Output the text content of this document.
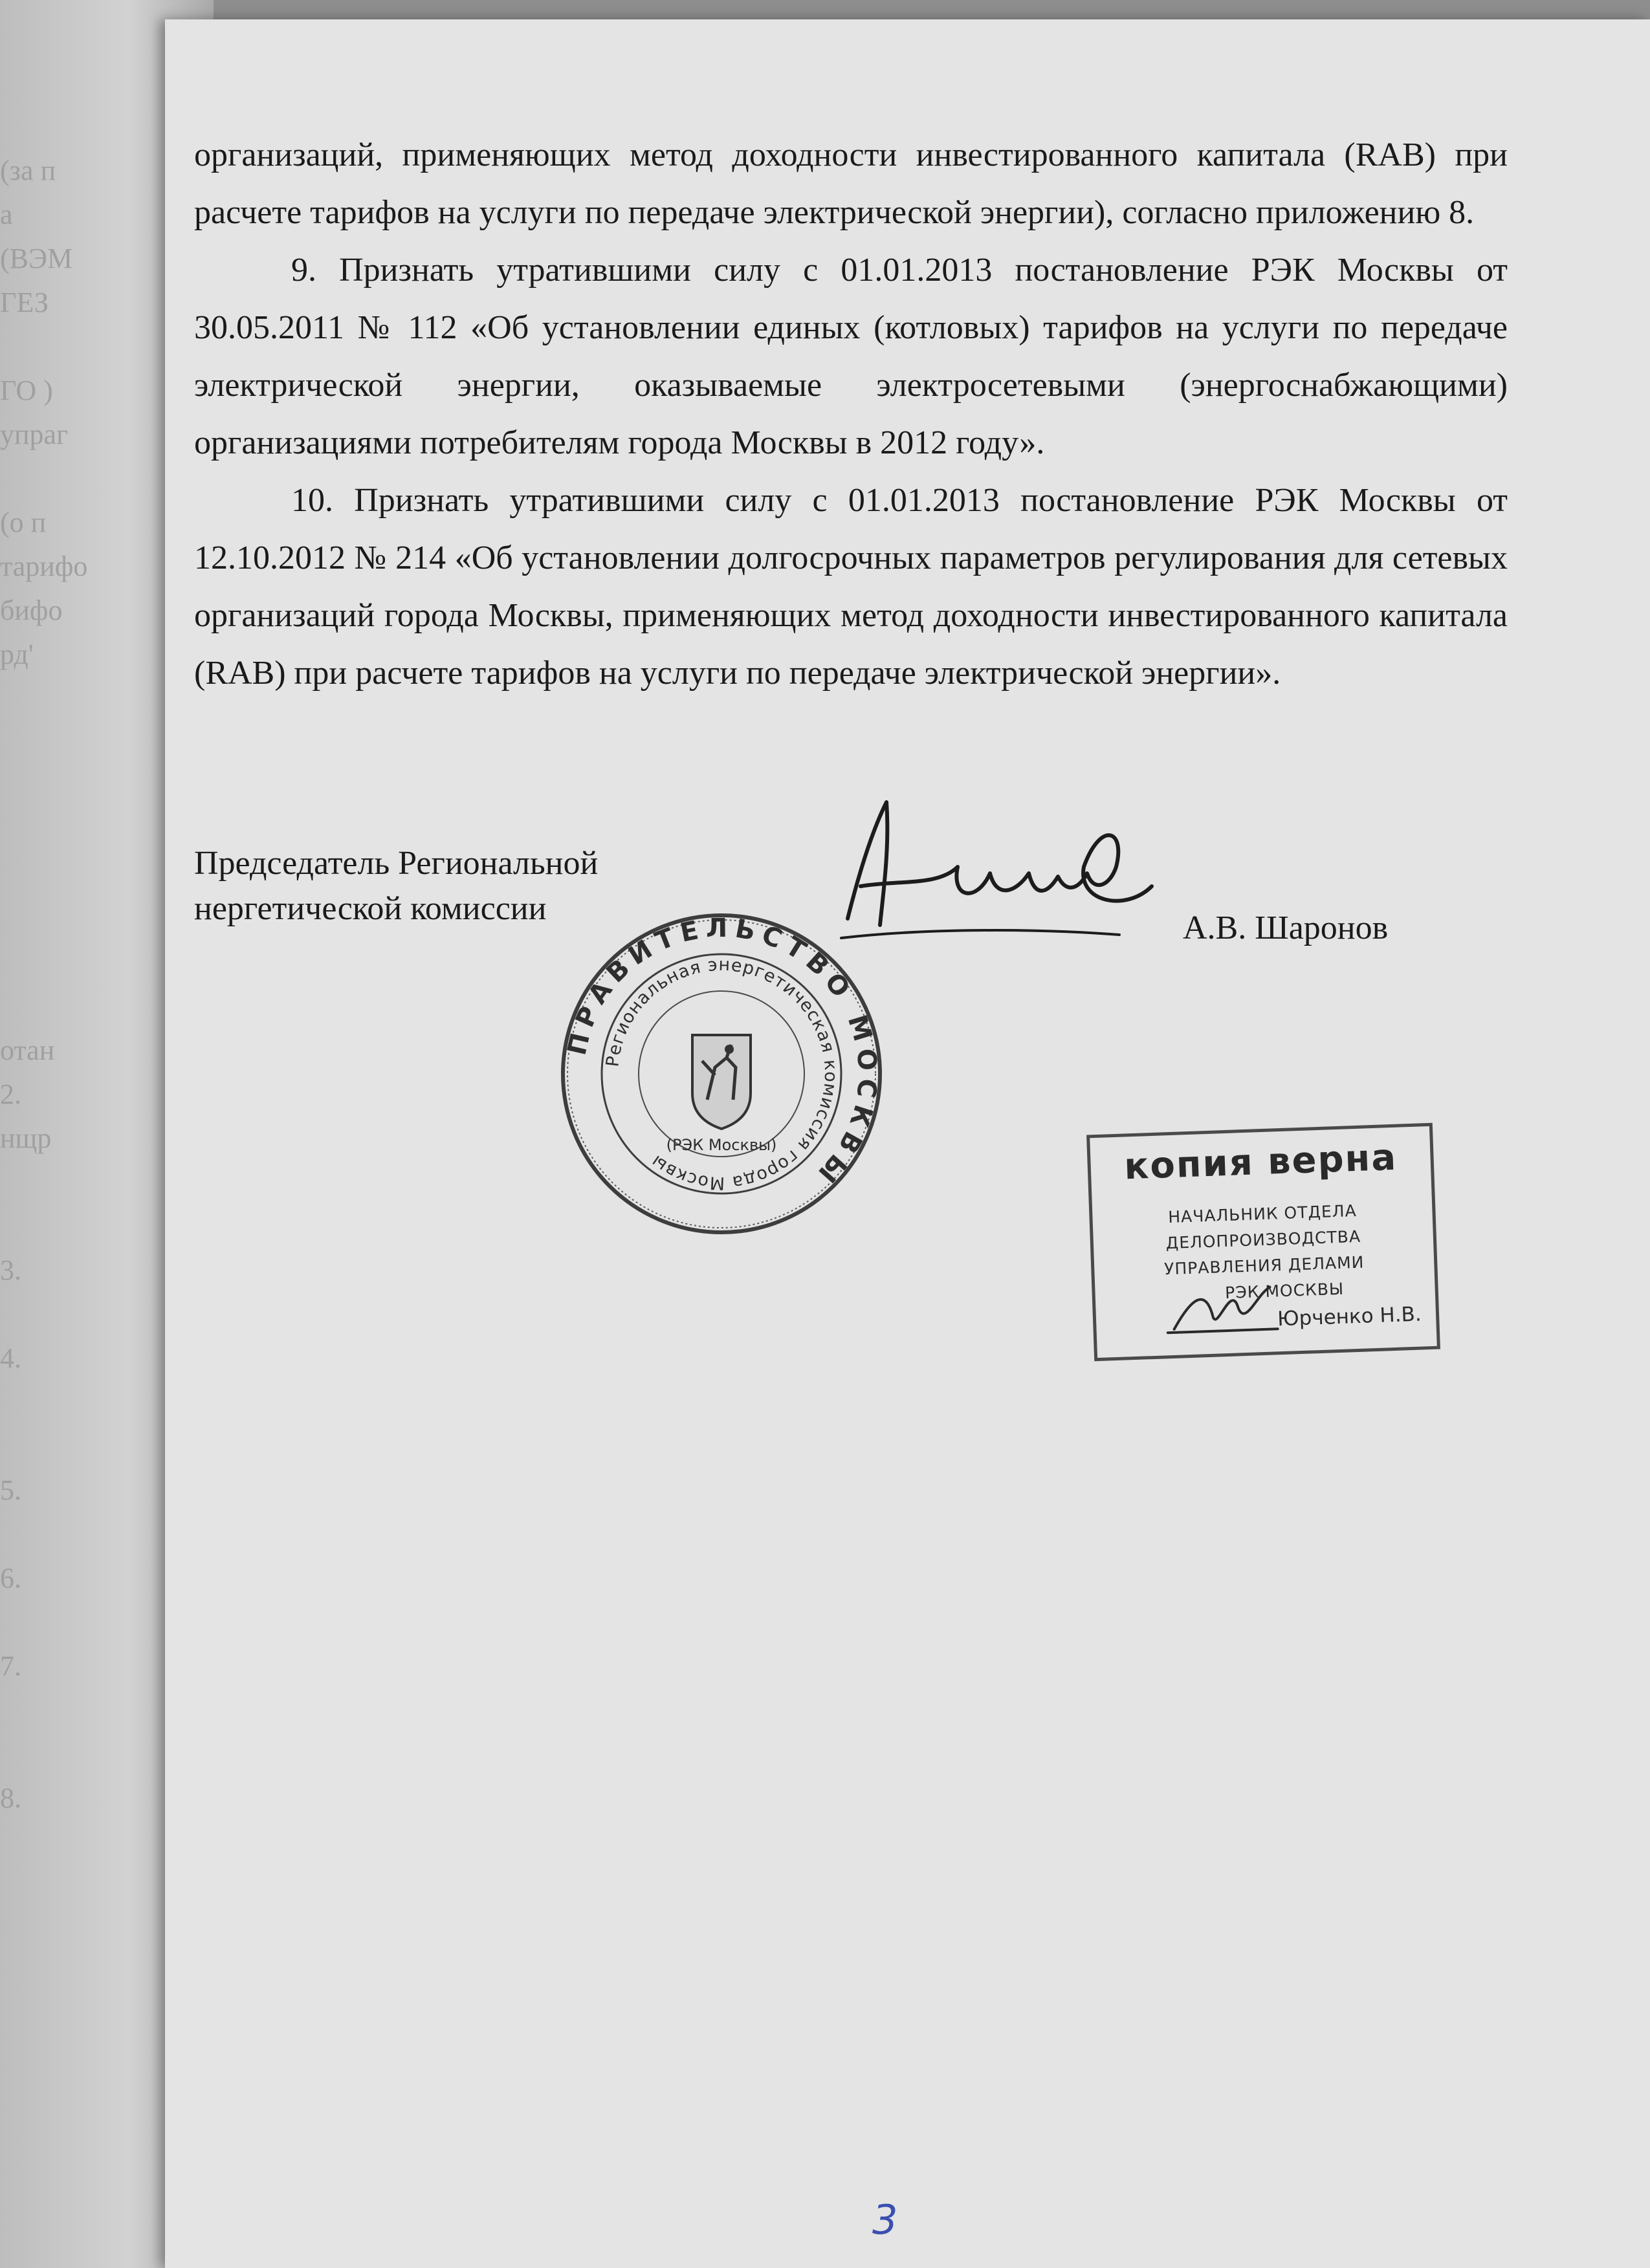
(за п
а
(ВЭМ
ГЕЗ

ГО )
упраг

(о п
тарифо
бифо
рд'

отан
2.
нщр

3.

4.

5.

6.

7.

8.

организаций, применяющих метод доходности инвестированного капитала (RAB) при расчете тарифов на услуги по передаче электрической энергии), согласно приложению 8.

9. Признать утратившими силу с 01.01.2013 постановление РЭК Москвы от 30.05.2011 № 112 «Об установлении единых (котловых) тарифов на услуги по передаче электрической энергии, оказываемые электросетевыми (энергоснабжающими) организациями потребителям города Москвы в 2012 году».

10. Признать утратившими силу с 01.01.2013 постановление РЭК Москвы от 12.10.2012 № 214 «Об установлении долгосрочных параметров регулирования для сетевых организаций города Москвы, применяющих метод доходности инвестированного капитала (RAB) при расчете тарифов на услуги по передаче электрической энергии».

Председатель Региональной
нергетической комиссии
А.В. Шаронов
ПРАВИТЕЛЬСТВО МОСКВЫ
Региональная энергетическая комиссия города Москвы
(РЭК Москвы)	копия верна
НАЧАЛЬНИК ОТДЕЛА
ДЕЛОПРОИЗВОДСТВА
УПРАВЛЕНИЯ ДЕЛАМИ
РЭК МОСКВЫ
Юрченко Н.В.
3
